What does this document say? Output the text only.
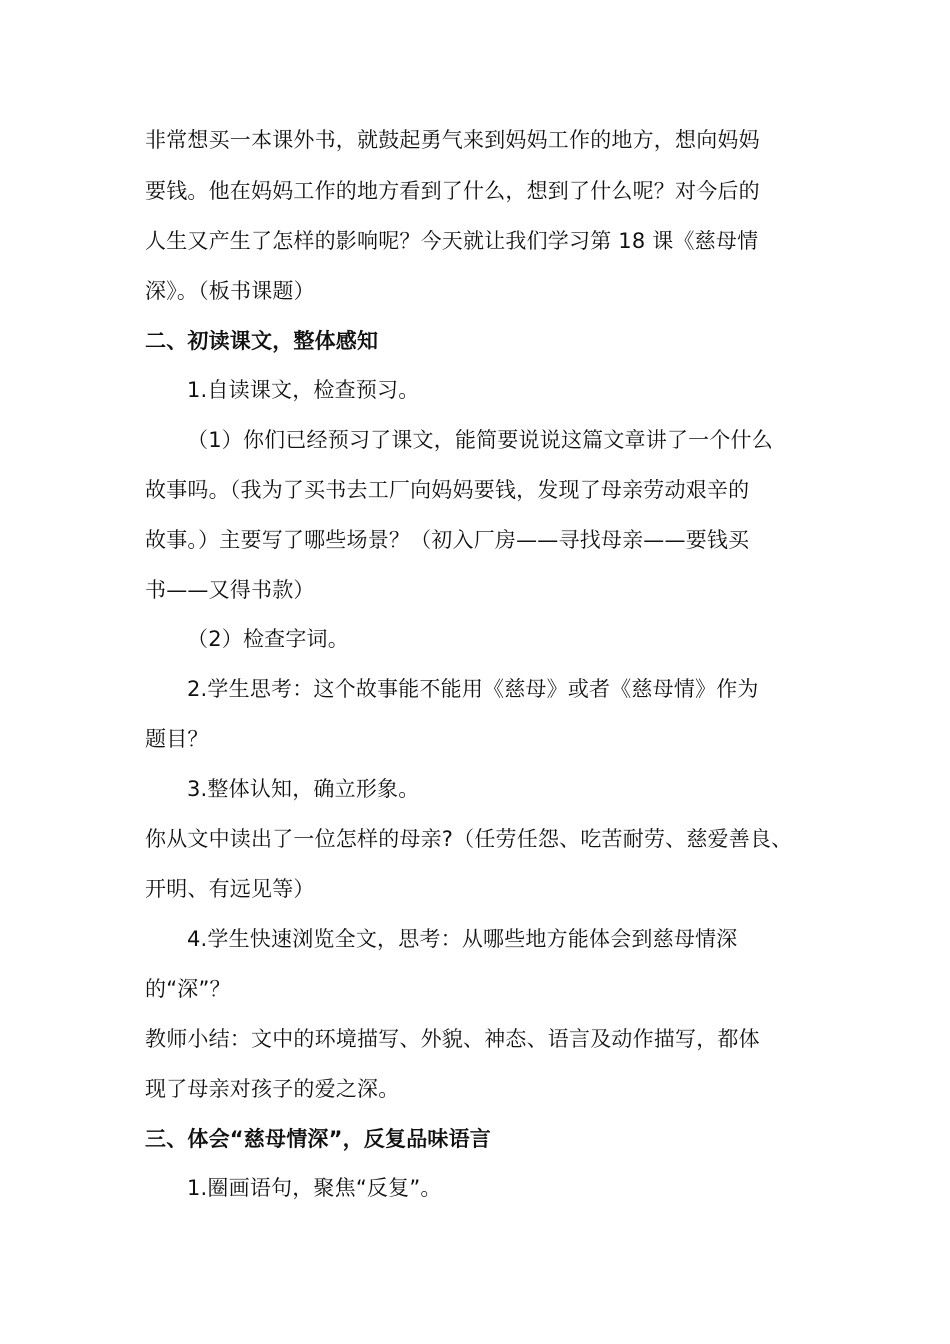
非常想买一本课外书，就鼓起勇气来到妈妈工作的地方，想向妈妈

要钱。他在妈妈工作的地方看到了什么，想到了什么呢？对今后的

人生又产生了怎样的影响呢？今天就让我们学习第 18 课《慈母情

深》。（板书课题）

二、初读课文，整体感知

1.自读课文，检查预习。

（1）你们已经预习了课文，能简要说说这篇文章讲了一个什么

故事吗。（我为了买书去工厂向妈妈要钱，发现了母亲劳动艰辛的

故事。）主要写了哪些场景？（初入厂房——寻找母亲——要钱买

书——又得书款）

（2）检查字词。

2.学生思考：这个故事能不能用《慈母》或者《慈母情》作为

题目？

3.整体认知，确立形象。

你从文中读出了一位怎样的母亲?（任劳任怨、吃苦耐劳、慈爱善良、

开明、有远见等）

4.学生快速浏览全文，思考：从哪些地方能体会到慈母情深

的“深”？

教师小结：文中的环境描写、外貌、神态、语言及动作描写，都体

现了母亲对孩子的爱之深。

三、体会“慈母情深”，反复品味语言

1.圈画语句，聚焦“反复”。
